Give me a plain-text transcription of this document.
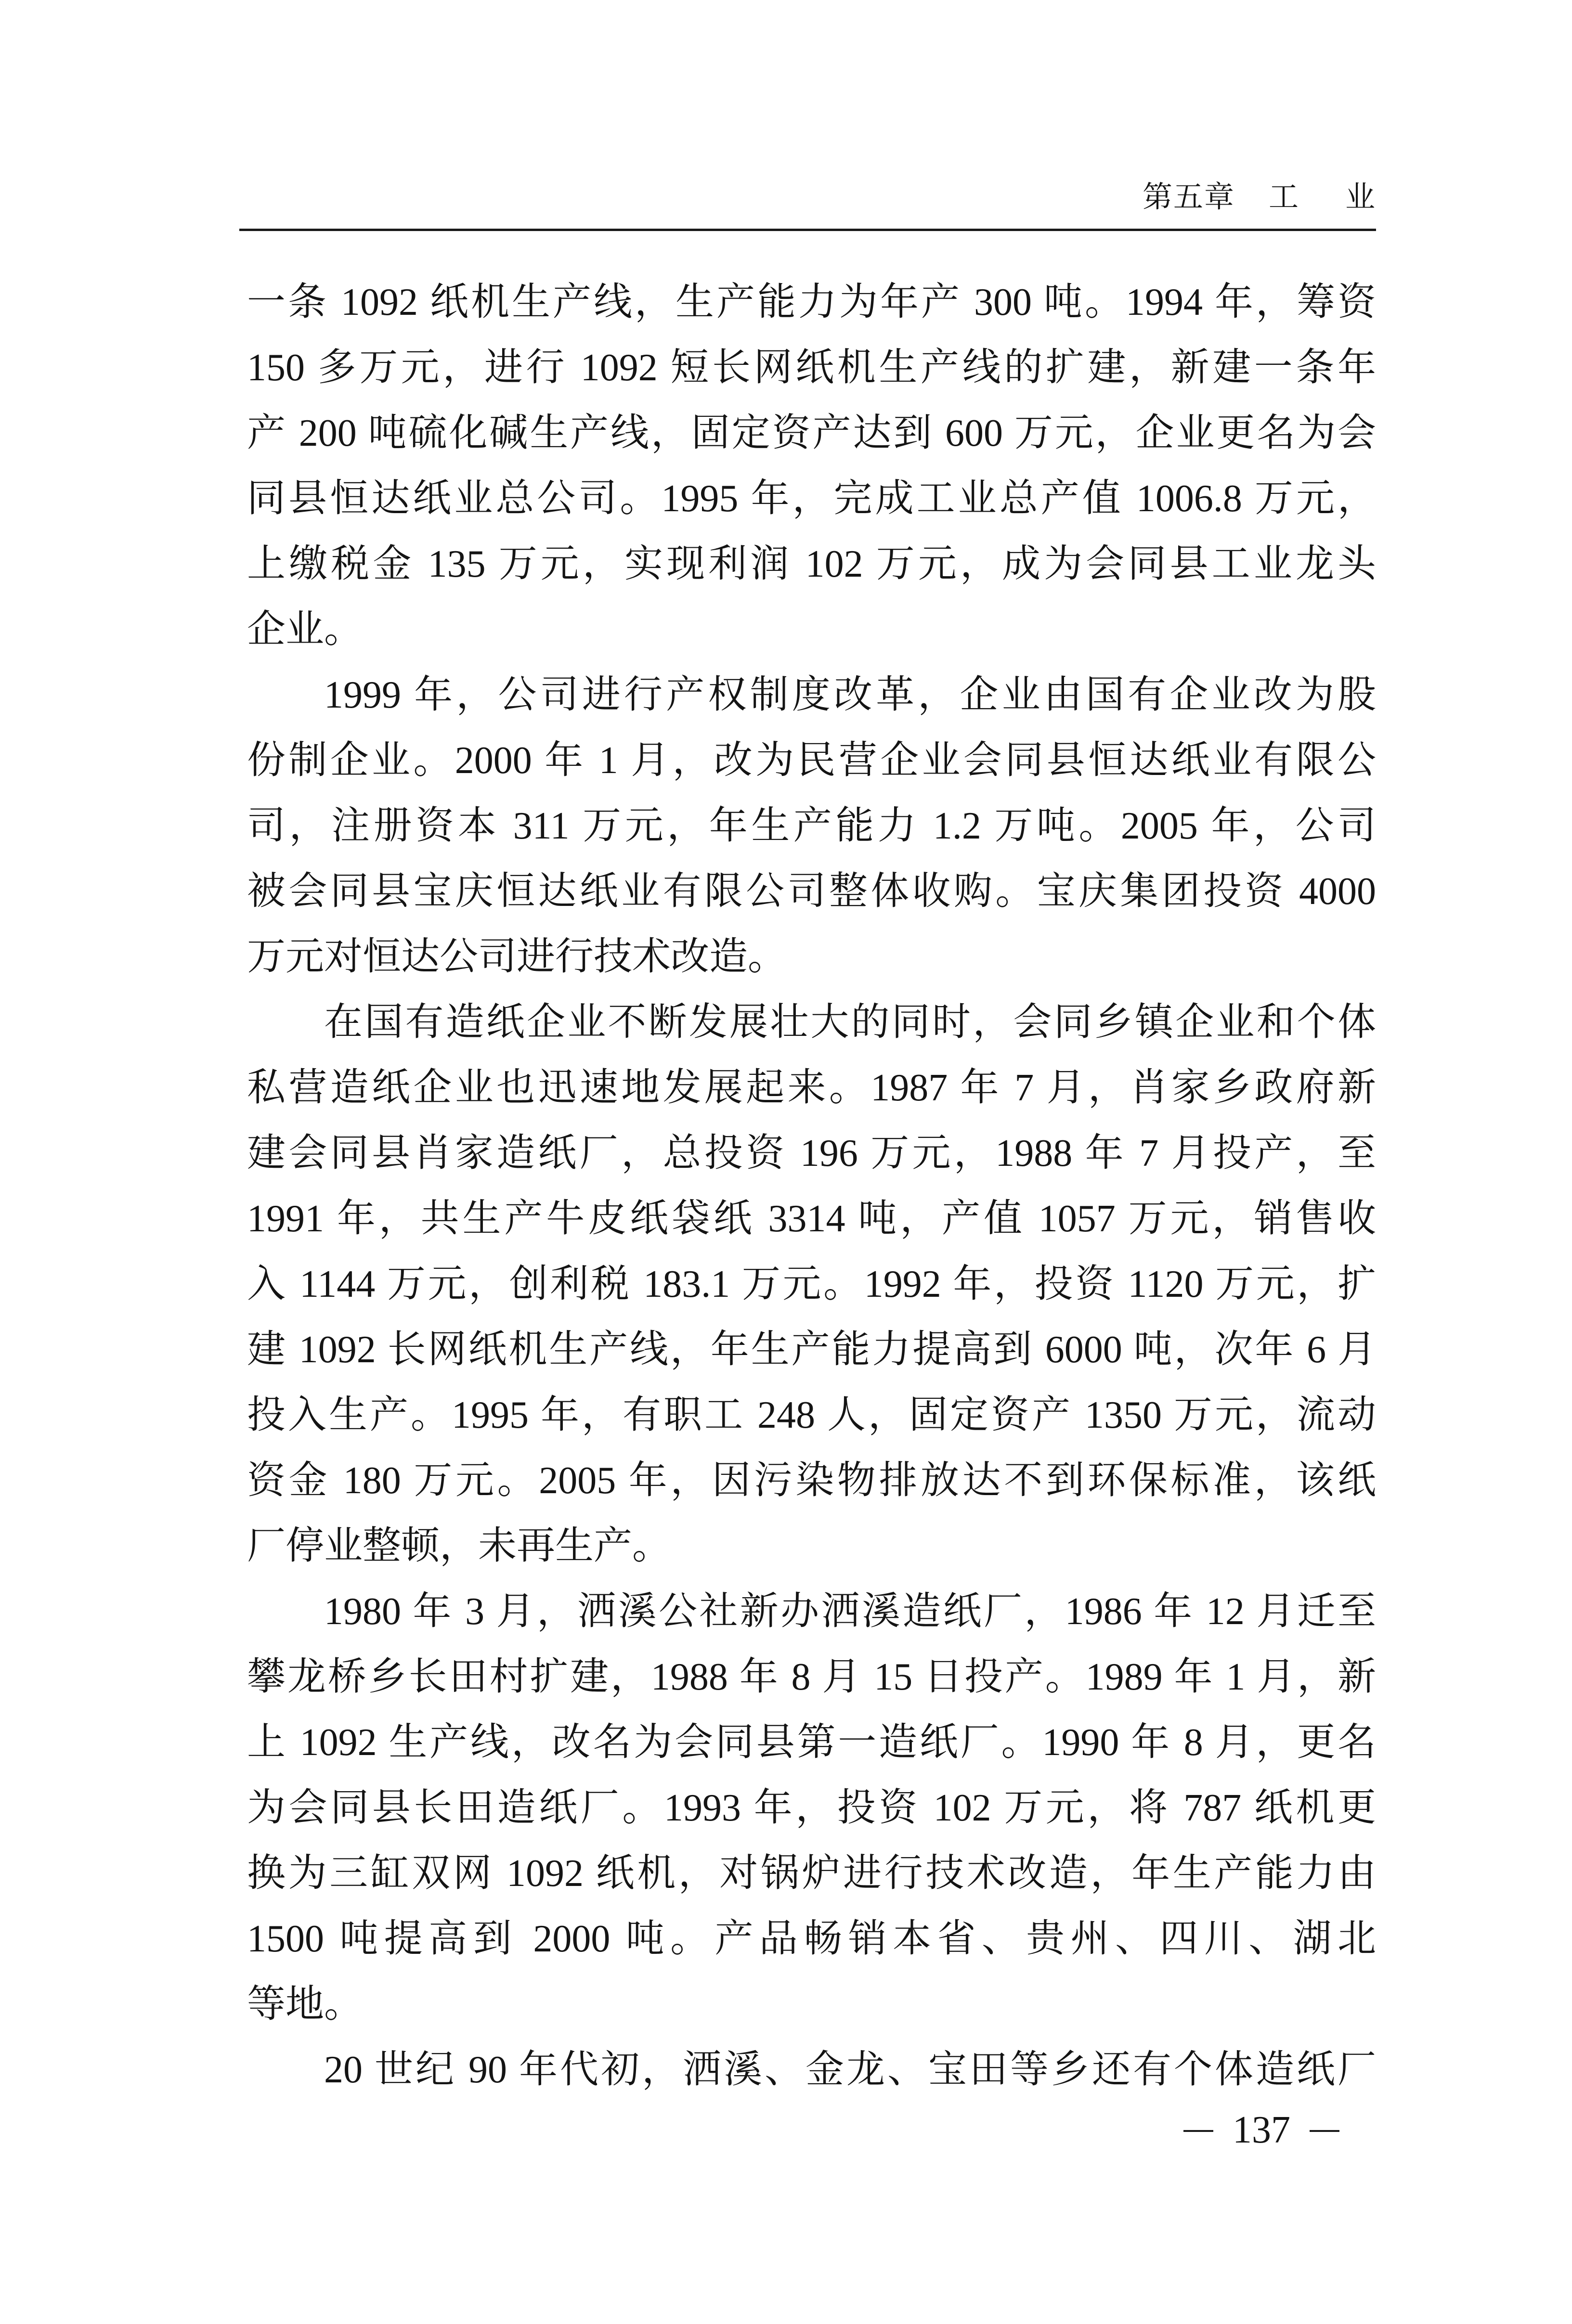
第五章 工 业
一条 1092 纸机生产线，生产能力为年产 300 吨。1994 年，筹资
150 多万元，进行 1092 短长网纸机生产线的扩建，新建一条年
产 200 吨硫化碱生产线，固定资产达到 600 万元，企业更名为会
同县恒达纸业总公司。1995 年，完成工业总产值 1006.8 万元，
上缴税金 135 万元，实现利润 102 万元，成为会同县工业龙头
企业。
1999 年，公司进行产权制度改革，企业由国有企业改为股
份制企业。2000 年 1 月，改为民营企业会同县恒达纸业有限公
司，注册资本 311 万元，年生产能力 1.2 万吨。2005 年，公司
被会同县宝庆恒达纸业有限公司整体收购。宝庆集团投资 4000
万元对恒达公司进行技术改造。
在国有造纸企业不断发展壮大的同时，会同乡镇企业和个体
私营造纸企业也迅速地发展起来。1987 年 7 月，肖家乡政府新
建会同县肖家造纸厂，总投资 196 万元，1988 年 7 月投产，至
1991 年，共生产牛皮纸袋纸 3314 吨，产值 1057 万元，销售收
入 1144 万元，创利税 183.1 万元。1992 年，投资 1120 万元，扩
建 1092 长网纸机生产线，年生产能力提高到 6000 吨，次年 6 月
投入生产。1995 年，有职工 248 人，固定资产 1350 万元，流动
资金 180 万元。2005 年，因污染物排放达不到环保标准，该纸
厂停业整顿，未再生产。
1980 年 3 月，洒溪公社新办洒溪造纸厂，1986 年 12 月迁至
攀龙桥乡长田村扩建，1988 年 8 月 15 日投产。1989 年 1 月，新
上 1092 生产线，改名为会同县第一造纸厂。1990 年 8 月，更名
为会同县长田造纸厂。1993 年，投资 102 万元，将 787 纸机更
换为三缸双网 1092 纸机，对锅炉进行技术改造，年生产能力由
1500 吨提高到 2000 吨。产品畅销本省、贵州、四川、湖北
等地。
20 世纪 90 年代初，洒溪、金龙、宝田等乡还有个体造纸厂
137
